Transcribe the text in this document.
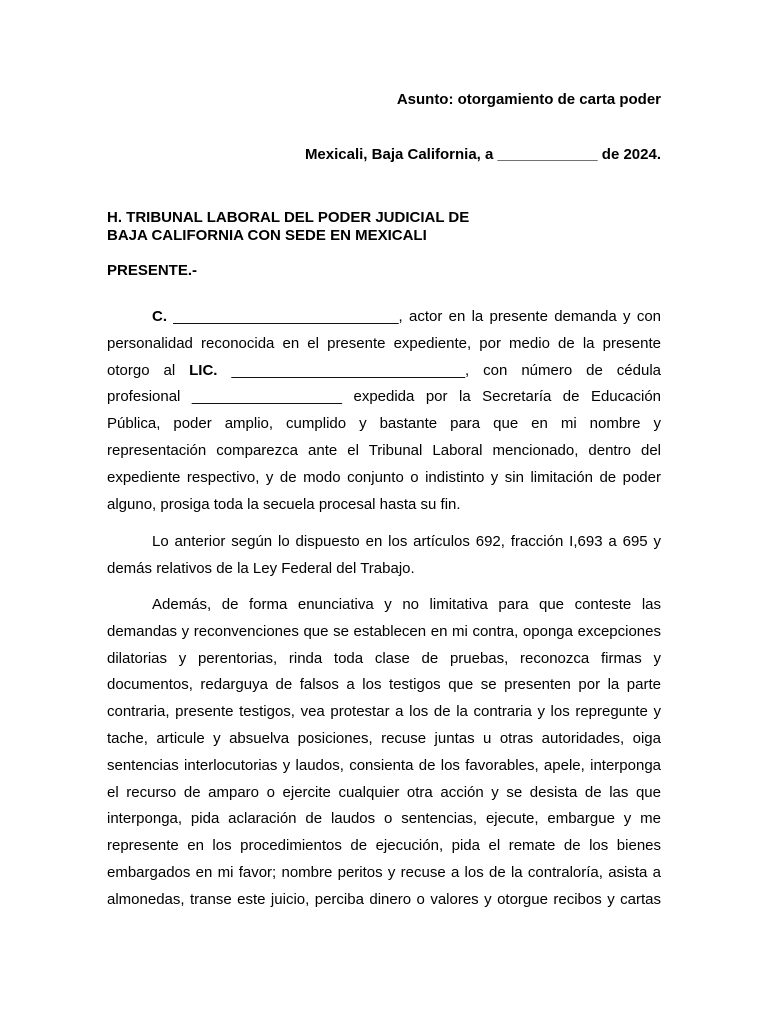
Asunto: otorgamiento de carta poder
Mexicali, Baja California, a ____________ de 2024.
H. TRIBUNAL LABORAL DEL PODER JUDICIAL DE
BAJA CALIFORNIA CON SEDE EN MEXICALI
PRESENTE.-
C. ___________________________, actor en la presente demanda y con
personalidad reconocida en el presente expediente, por medio de la presente
otorgo al LIC. ____________________________, con número de cédula
profesional __________________ expedida por la Secretaría de Educación
Pública, poder amplio, cumplido y bastante para que en mi nombre y
representación comparezca ante el Tribunal Laboral mencionado, dentro del
expediente respectivo, y de modo conjunto o indistinto y sin limitación de poder
alguno, prosiga toda la secuela procesal hasta su fin.
Lo anterior según lo dispuesto en los artículos 692, fracción I,693 a 695 y
demás relativos de la Ley Federal del Trabajo.
Además, de forma enunciativa y no limitativa para que conteste las
demandas y reconvenciones que se establecen en mi contra, oponga excepciones
dilatorias y perentorias, rinda toda clase de pruebas, reconozca firmas y
documentos, redarguya de falsos a los testigos que se presenten por la parte
contraria, presente testigos, vea protestar a los de la contraria y los repregunte y
tache, articule y absuelva posiciones, recuse juntas u otras autoridades, oiga
sentencias interlocutorias y laudos, consienta de los favorables, apele, interponga
el recurso de amparo o ejercite cualquier otra acción y se desista de las que
interponga, pida aclaración de laudos o sentencias, ejecute, embargue y me
represente en los procedimientos de ejecución, pida el remate de los bienes
embargados en mi favor; nombre peritos y recuse a los de la contraloría, asista a
almonedas, transe este juicio, perciba dinero o valores y otorgue recibos y cartas
